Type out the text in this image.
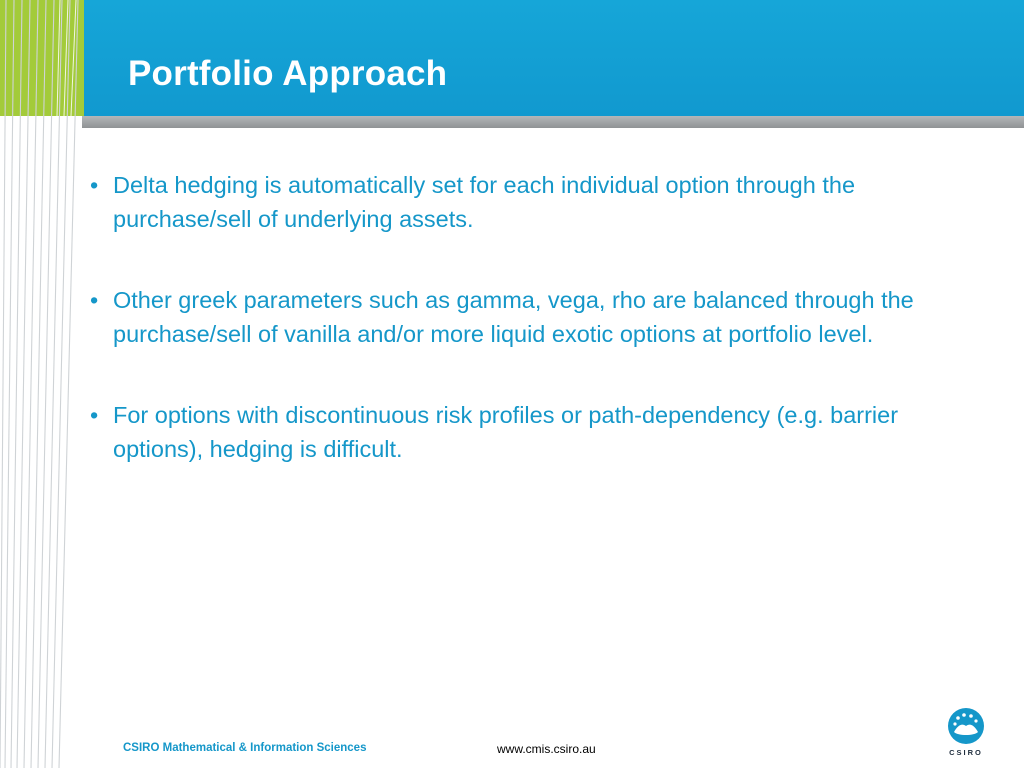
Portfolio Approach
• Delta hedging is automatically set for each individual option through the purchase/sell of underlying assets.
• Other greek parameters such as gamma, vega, rho are balanced through the purchase/sell of vanilla and/or more liquid exotic options at portfolio level.
• For options with discontinuous risk profiles or path-dependency (e.g. barrier options), hedging is difficult.
CSIRO Mathematical & Information Sciences	www.cmis.csiro.au	CSIRO
